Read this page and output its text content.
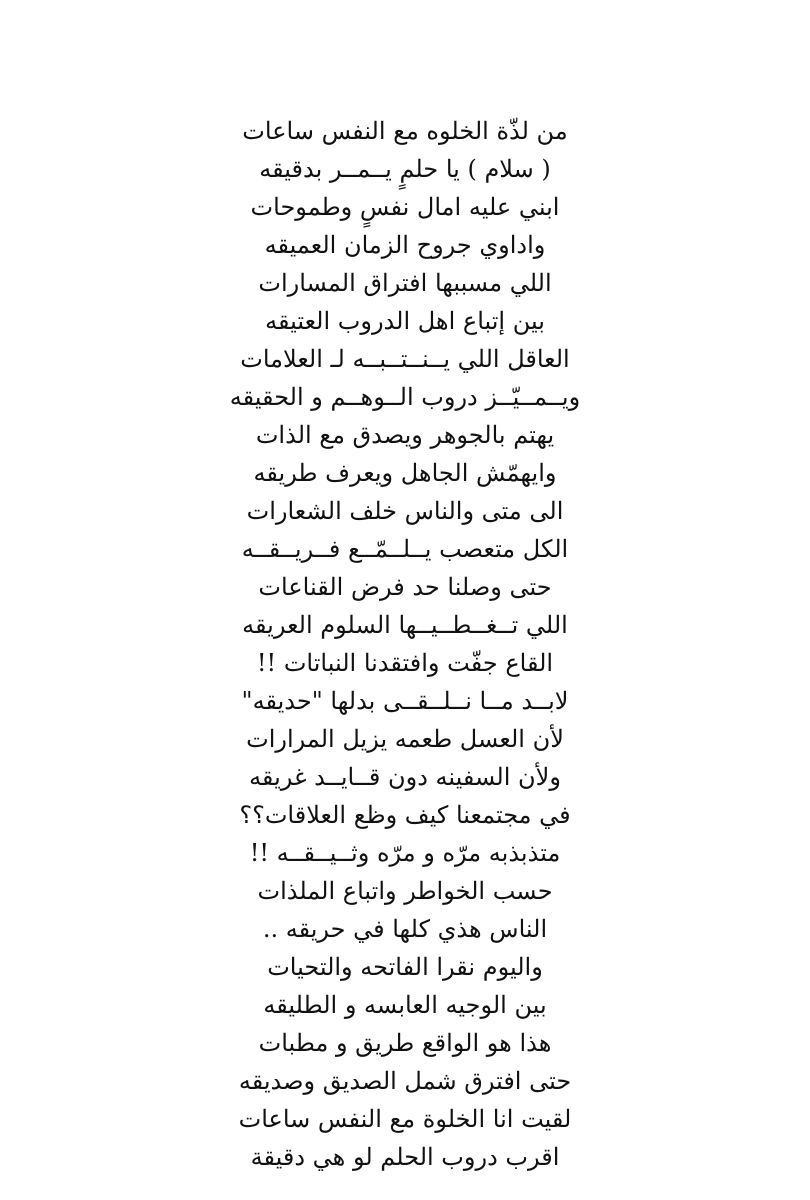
من لذّة الخلوه مع النفس ساعات
( سلام ) يا حلمٍ يــمــر بدقيقه
ابني عليه امال نفسٍ وطموحات
واداوي جروح الزمان العميقه
اللي مسببها افتراق المسارات
بين إتباع اهل الدروب العتيقه
العاقل اللي يــنــتــبــه لـ العلامات
ويــمــيّــز دروب الــوهــم و الحقيقه
يهتم بالجوهر ويصدق مع الذات
وايهمّش الجاهل ويعرف طريقه
الى متى والناس خلف الشعارات
الكل متعصب يــلــمّــع فــريــقــه
حتى وصلنا حد فرض القناعات
اللي تــغــطــيــها السلوم العريقه
القاع جفّت وافتقدنا النباتات !!
لابــد مــا نــلــقــى بدلها "حديقه"
لأن العسل طعمه يزيل المرارات
ولأن السفينه دون قــايــد غريقه
في مجتمعنا كيف وظع العلاقات؟؟
متذبذبه مرّه و مرّه وثــيــقــه !!
حسب الخواطر واتباع الملذات
الناس هذي كلها في حريقه ..
واليوم نقرا الفاتحه والتحيات
بين الوجيه العابسه و الطليقه
هذا هو الواقع طريق و مطبات
حتى افترق شمل الصديق وصديقه
لقيت انا الخلوة مع النفس ساعات
اقرب دروب الحلم لو هي دقيقة
